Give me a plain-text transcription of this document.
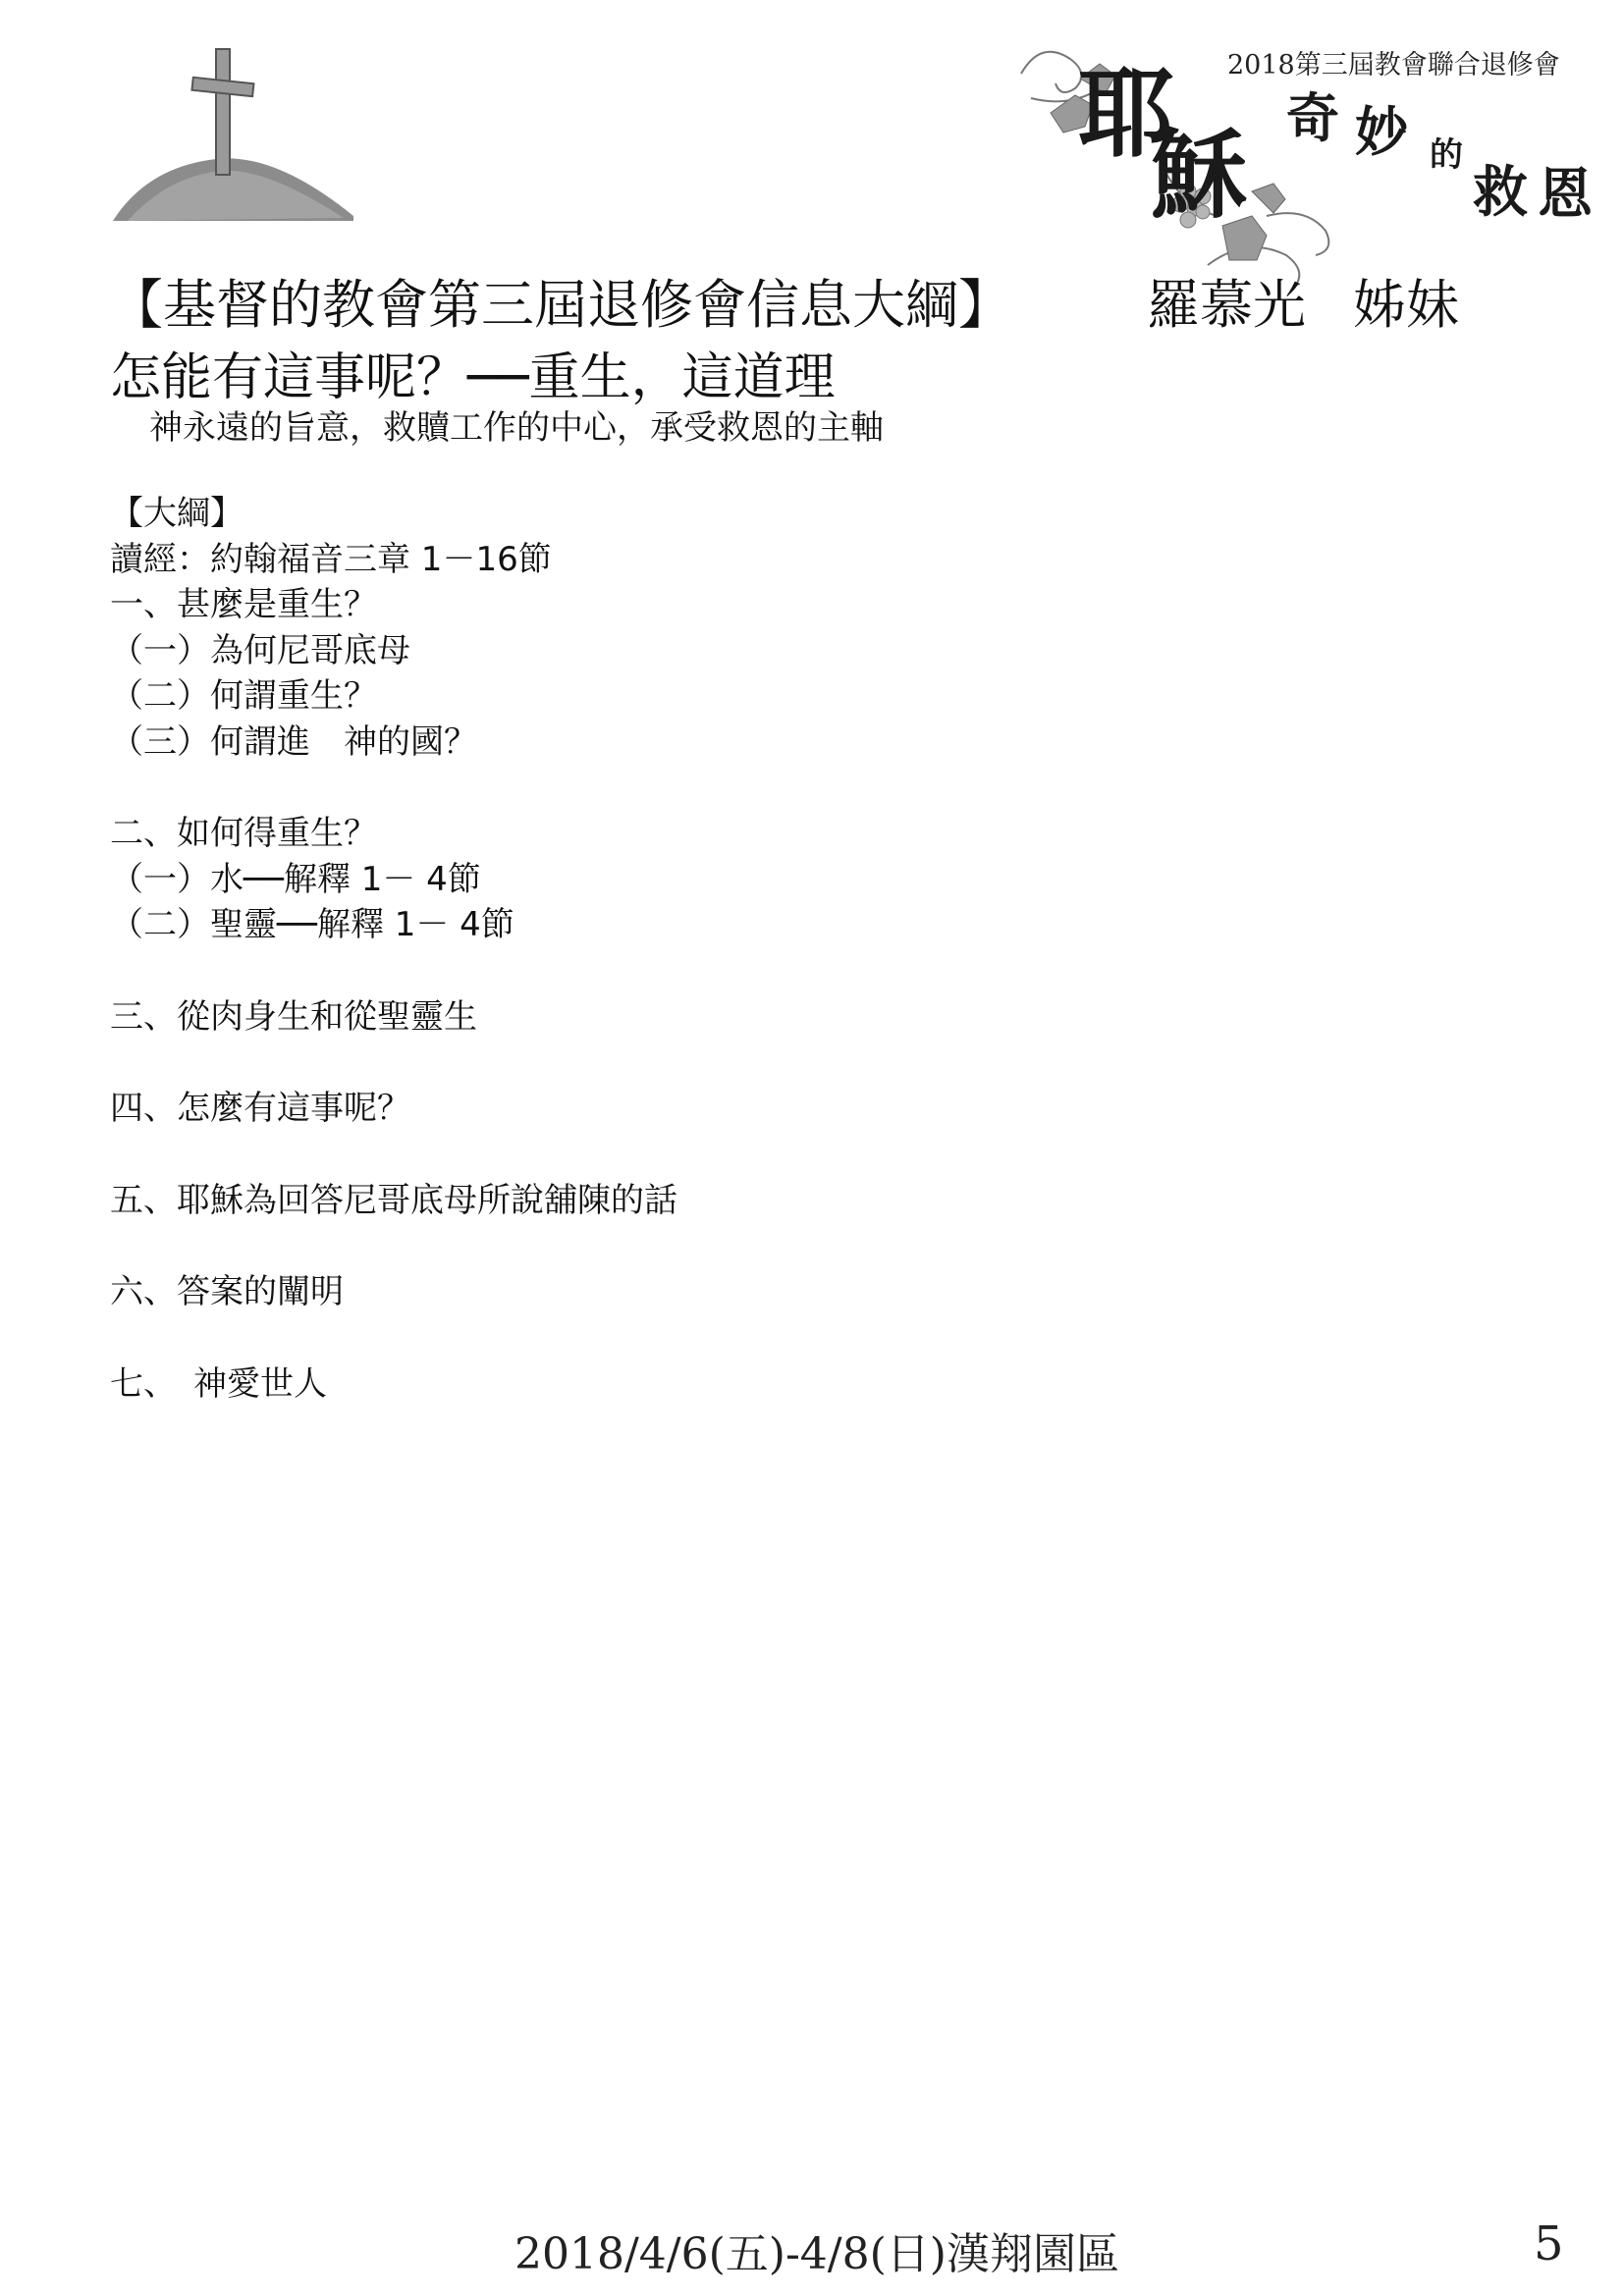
2018第三屆教會聯合退修會
耶
穌
奇 妙 的
救 恩
【基督的教會第三屆退修會信息大綱】	羅慕光 姊妹
怎能有這事呢？──重生，這道理
神永遠的旨意，救贖工作的中心，承受救恩的主軸
【大綱】
讀經：約翰福音三章 1－16節
一、甚麼是重生？
（一）為何尼哥底母
（二）何謂重生？
（三）何謂進　神的國？
二、如何得重生？
（一）水──解釋 1－ 4節
（二）聖靈──解釋 1－ 4節
三、從肉身生和從聖靈生
四、怎麼有這事呢？
五、耶穌為回答尼哥底母所說舖陳的話
六、答案的闡明
七、　神愛世人
2018/4/6(五)-4/8(日)漢翔園區	5
